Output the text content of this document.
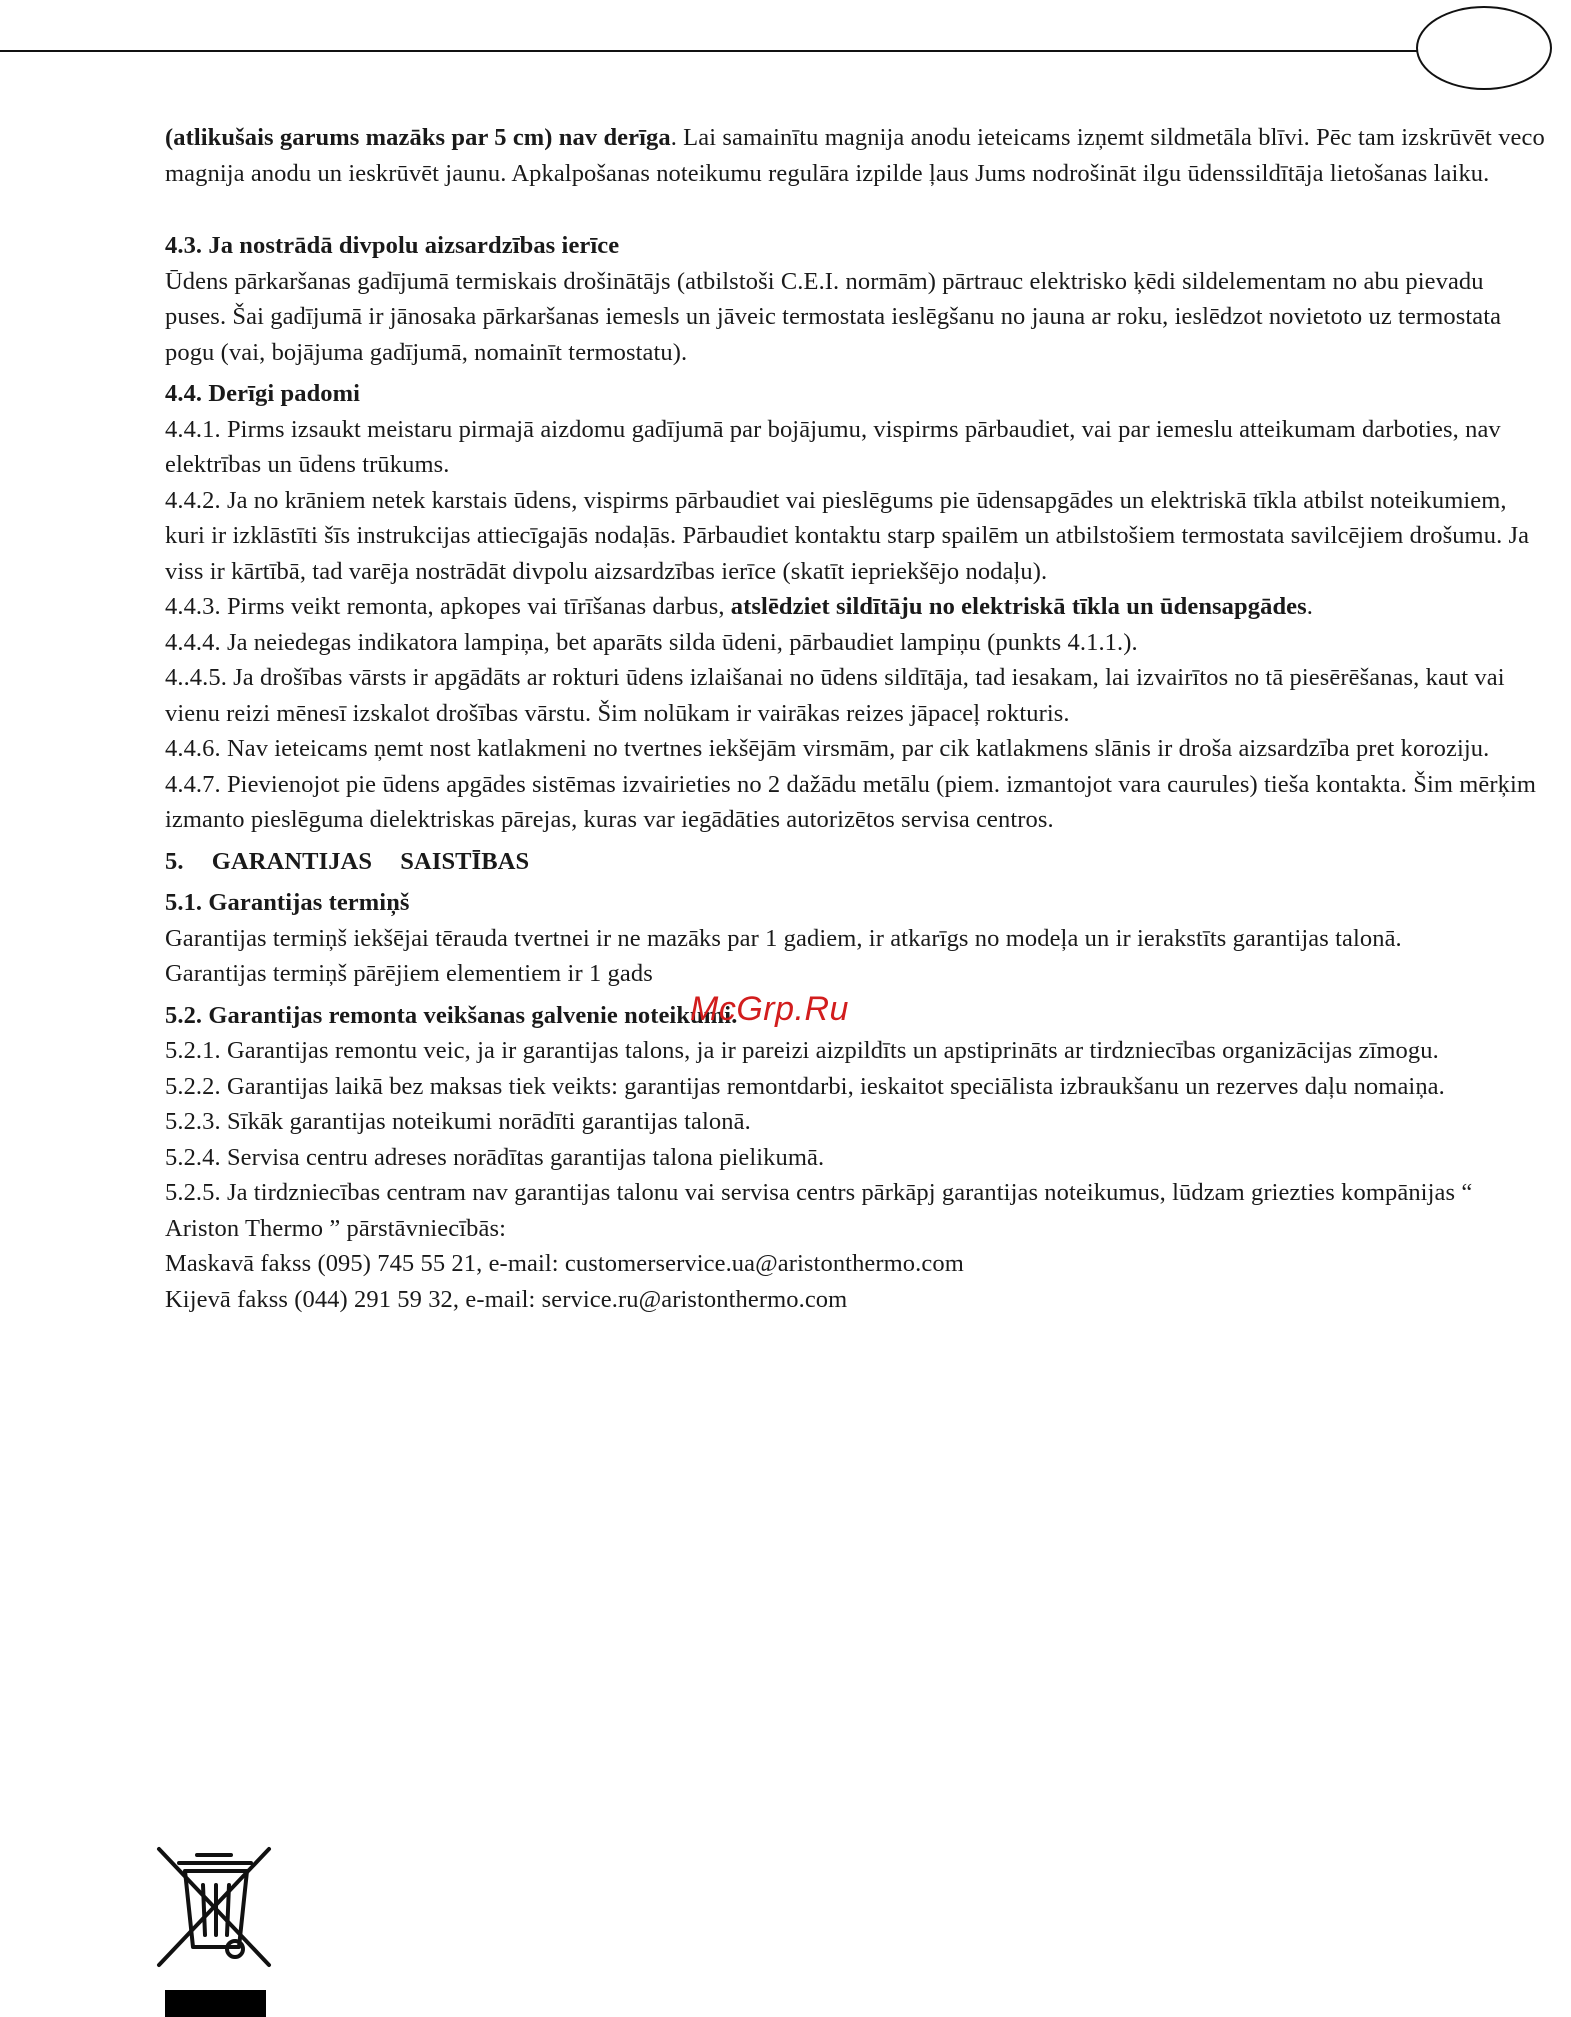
(atlikušais garums mazāks par 5 cm) nav derīga. Lai samainītu magnija anodu ieteicams izņemt sildmetāla blīvi. Pēc tam izskrūvēt veco magnija anodu un ieskrūvēt jaunu. Apkalpošanas noteikumu regulāra izpilde ļaus Jums nodrošināt ilgu ūdenssildītāja lietošanas laiku.

4.3. Ja nostrādā divpolu aizsardzības ierīce

Ūdens pārkaršanas gadījumā termiskais drošinātājs (atbilstoši C.E.I. normām) pārtrauc elektrisko ķēdi sildelementam no abu pievadu puses. Šai gadījumā ir jānosaka pārkaršanas iemesls un jāveic termostata ieslēgšanu no jauna ar roku, ieslēdzot novietoto uz termostata pogu (vai, bojājuma gadījumā, nomainīt termostatu).

4.4. Derīgi padomi

4.4.1. Pirms izsaukt meistaru pirmajā aizdomu gadījumā par bojājumu, vispirms pārbaudiet, vai par iemeslu atteikumam darboties, nav elektrības un ūdens trūkums.

4.4.2. Ja no krāniem netek karstais ūdens, vispirms pārbaudiet vai pieslēgums pie ūdensapgādes un elektriskā tīkla atbilst noteikumiem, kuri ir izklāstīti šīs instrukcijas attiecīgajās nodaļās. Pārbaudiet kontaktu starp spailēm un atbilstošiem termostata savilcējiem drošumu. Ja viss ir kārtībā, tad varēja nostrādāt divpolu aizsardzības ierīce (skatīt iepriekšējo nodaļu).

4.4.3. Pirms veikt remonta, apkopes vai tīrīšanas darbus, atslēdziet sildītāju no elektriskā tīkla un ūdensapgādes.

4.4.4. Ja neiedegas indikatora lampiņa, bet aparāts silda ūdeni, pārbaudiet lampiņu (punkts 4.1.1.).

4..4.5. Ja drošības vārsts ir apgādāts ar rokturi ūdens izlaišanai no ūdens sildītāja, tad iesakam, lai izvairītos no tā piesērēšanas, kaut vai vienu reizi mēnesī izskalot drošības vārstu. Šim nolūkam ir vairākas reizes jāpaceļ rokturis.

4.4.6. Nav ieteicams ņemt nost katlakmeni no tvertnes iekšējām virsmām, par cik katlakmens slānis ir droša aizsardzība pret koroziju.

4.4.7. Pievienojot pie ūdens apgādes sistēmas izvairieties no 2 dažādu metālu (piem. izmantojot vara caurules) tieša kontakta. Šim mērķim izmanto pieslēguma dielektriskas pārejas, kuras var iegādāties autorizētos servisa centros.

5. GARANTIJAS SAISTĪBAS

5.1. Garantijas termiņš

Garantijas termiņš iekšējai tērauda tvertnei ir ne mazāks par 1 gadiem, ir atkarīgs no modeļa un ir ierakstīts garantijas talonā.

Garantijas termiņš pārējiem elementiem ir 1 gads

5.2. Garantijas remonta veikšanas galvenie noteikumi.

5.2.1. Garantijas remontu veic, ja ir garantijas talons, ja ir pareizi aizpildīts un apstiprināts ar tirdzniecības organizācijas zīmogu.

5.2.2. Garantijas laikā bez maksas tiek veikts: garantijas remontdarbi, ieskaitot speciālista izbraukšanu un rezerves daļu nomaiņa.

5.2.3. Sīkāk garantijas noteikumi norādīti garantijas talonā.

5.2.4. Servisa centru adreses norādītas garantijas talona pielikumā.

5.2.5. Ja tirdzniecības centram nav garantijas talonu vai servisa centrs pārkāpj garantijas noteikumus, lūdzam griezties kompānijas “ Ariston Thermo ” pārstāvniecībās:

Maskavā fakss (095) 745 55 21, e-mail: customerservice.ua@aristonthermo.com

Kijevā fakss (044) 291 59 32, e-mail: service.ru@aristonthermo.com

McGrp.Ru
